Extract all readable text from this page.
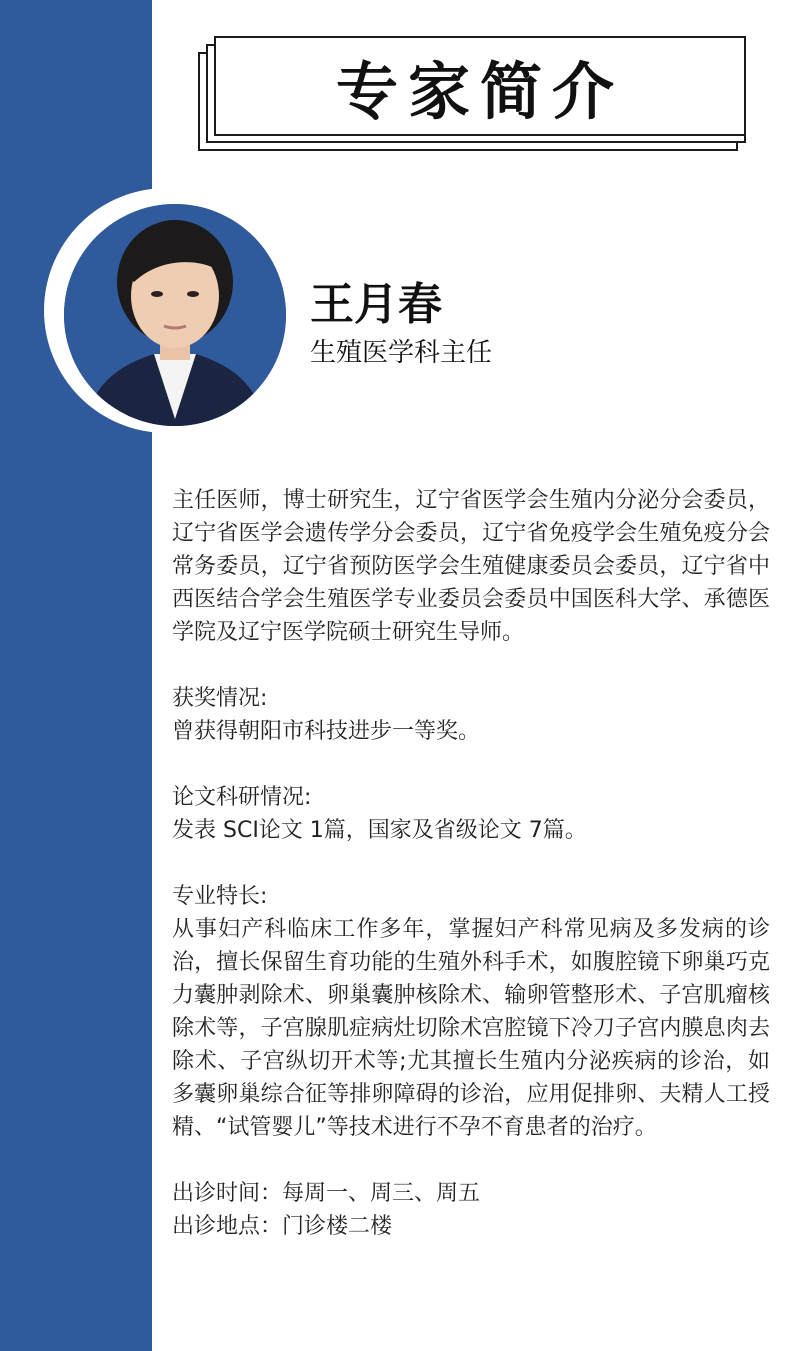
专家简介
王月春
生殖医学科主任

主任医师，博士研究生，辽宁省医学会生殖内分泌分会委员，辽宁省医学会遗传学分会委员，辽宁省免疫学会生殖免疫分会常务委员，辽宁省预防医学会生殖健康委员会委员，辽宁省中西医结合学会生殖医学专业委员会委员中国医科大学、承德医学院及辽宁医学院硕士研究生导师。

获奖情况:

曾获得朝阳市科技进步一等奖。

论文科研情况:

发表 SCI论文 1篇，国家及省级论文 7篇。

专业特长:

从事妇产科临床工作多年，掌握妇产科常见病及多发病的诊治，擅长保留生育功能的生殖外科手术，如腹腔镜下卵巢巧克力囊肿剥除术、卵巢囊肿核除术、输卵管整形术、子宫肌瘤核除术等，子宫腺肌症病灶切除术宫腔镜下冷刀子宫内膜息肉去除术、子宫纵切开术等;尤其擅长生殖内分泌疾病的诊治，如多囊卵巢综合征等排卵障碍的诊治，应用促排卵、夫精人工授精、“试管婴儿”等技术进行不孕不育患者的治疗。

出诊时间：每周一、周三、周五

出诊地点：门诊楼二楼
